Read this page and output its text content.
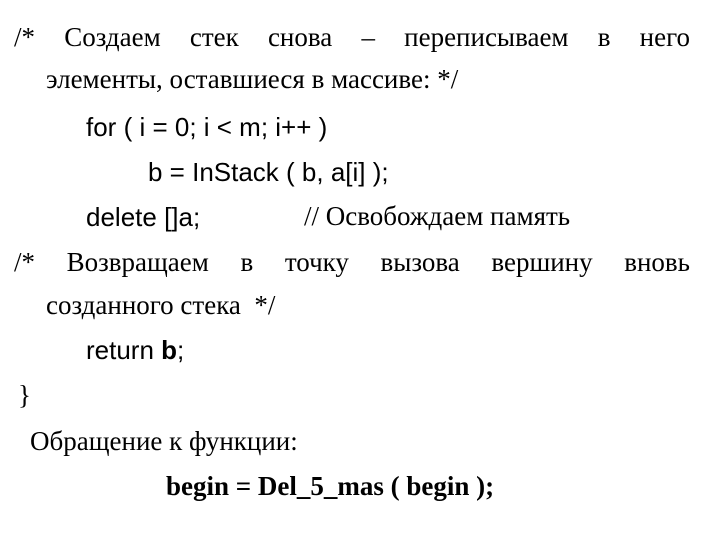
/* Создаем стек снова – переписываем в него

элементы, оставшиеся в массиве: */

for ( i = 0; i < m; i++ )

b = InStack ( b, a[i] );

delete []a;	// Освобождаем память

/* Возвращаем в точку вызова вершину вновь

созданного стека  */

return b;

}

Обращение к функции:

begin = Del_5_mas ( begin );
